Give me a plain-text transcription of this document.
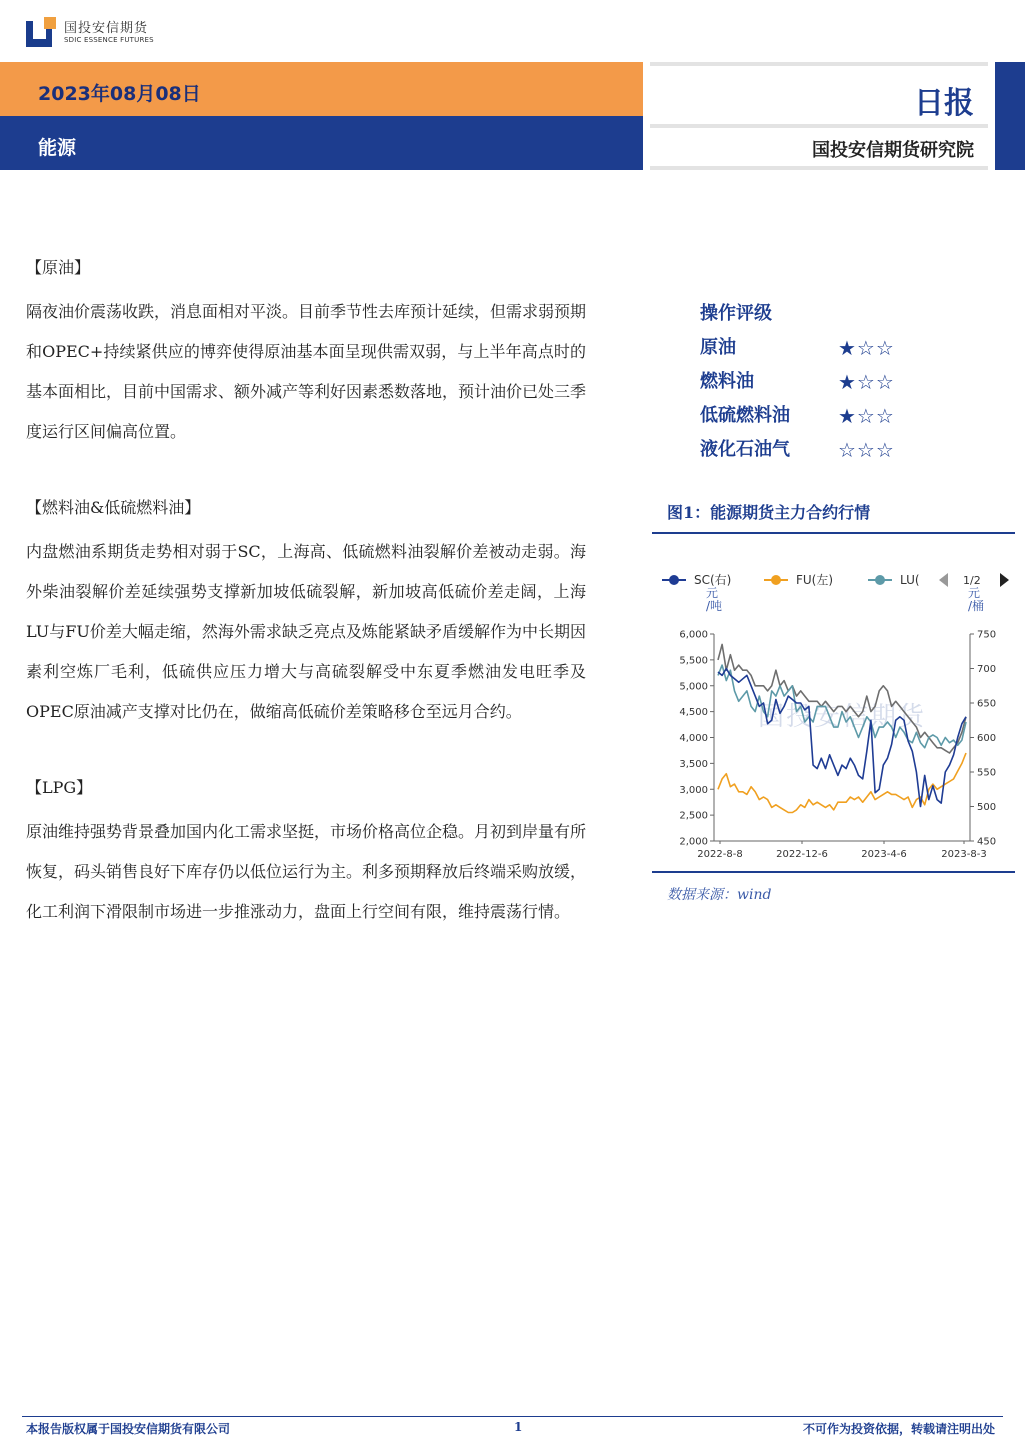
国投安信期货
SDIC ESSENCE FUTURES
2023年08月08日
能源
日报
国投安信期货研究院
【原油】
隔夜油价震荡收跌，消息面相对平淡。目前季节性去库预计延续，但需求弱预期和OPEC+持续紧供应的博弈使得原油基本面呈现供需双弱，与上半年高点时的基本面相比，目前中国需求、额外减产等利好因素悉数落地，预计油价已处三季度运行区间偏高位置。
【燃料油&低硫燃料油】
内盘燃油系期货走势相对弱于SC，上海高、低硫燃料油裂解价差被动走弱。海外柴油裂解价差延续强势支撑新加坡低硫裂解，新加坡高低硫价差走阔，上海LU与FU价差大幅走缩，然海外需求缺乏亮点及炼能紧缺矛盾缓解作为中长期因素利空炼厂毛利，低硫供应压力增大与高硫裂解受中东夏季燃油发电旺季及OPEC原油减产支撑对比仍在，做缩高低硫价差策略移仓至远月合约。
【LPG】
原油维持强势背景叠加国内化工需求坚挺，市场价格高位企稳。月初到岸量有所恢复，码头销售良好下库存仍以低位运行为主。利多预期释放后终端采购放缓，化工利润下滑限制市场进一步推涨动力，盘面上行空间有限，维持震荡行情。
操作评级
原油	★☆☆
燃料油	★☆☆
低硫燃料油	★☆☆
液化石油气	☆☆☆
图1：能源期货主力合约行情
国投安信期货
2,000
2,500
3,000
3,500
4,000
4,500
5,000
5,500
6,000
450
500
550
600
650
700
750
2022-8-8	2022-12-6	2023-4-6	2023-8-3
元
/吨
元
/桶
SC(右)	FU(左)	LU(	1/2
数据来源：wind
本报告版权属于国投安信期货有限公司	1	不可作为投资依据，转载请注明出处
